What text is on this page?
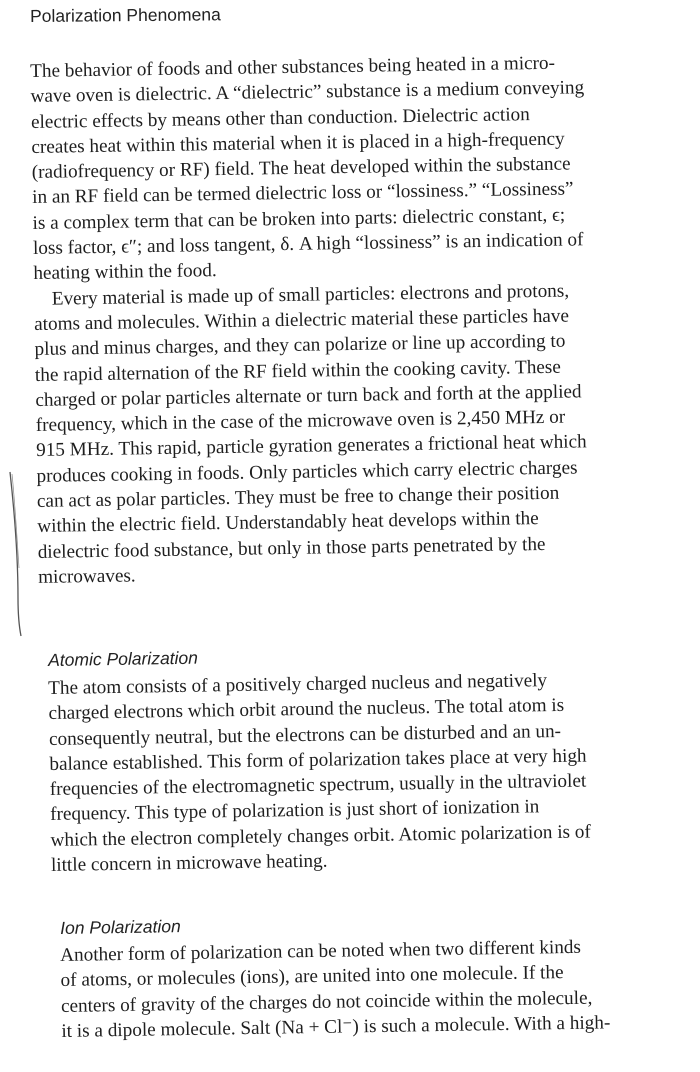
Polarization Phenomena
The behavior of foods and other substances being heated in a micro-
wave oven is dielectric. A “dielectric” substance is a medium conveying
electric effects by means other than conduction. Dielectric action
creates heat within this material when it is placed in a high-frequency
(radiofrequency or RF) field. The heat developed within the substance
in an RF field can be termed dielectric loss or “lossiness.” “Lossiness”
is a complex term that can be broken into parts: dielectric constant, ϵ;
loss factor, ϵ″; and loss tangent, δ. A high “lossiness” is an indication of
heating within the food.
Every material is made up of small particles: electrons and protons,
atoms and molecules. Within a dielectric material these particles have
plus and minus charges, and they can polarize or line up according to
the rapid alternation of the RF field within the cooking cavity. These
charged or polar particles alternate or turn back and forth at the applied
frequency, which in the case of the microwave oven is 2,450 MHz or
915 MHz. This rapid, particle gyration generates a frictional heat which
produces cooking in foods. Only particles which carry electric charges
can act as polar particles. They must be free to change their position
within the electric field. Understandably heat develops within the
dielectric food substance, but only in those parts penetrated by the
microwaves.
Atomic Polarization
The atom consists of a positively charged nucleus and negatively
charged electrons which orbit around the nucleus. The total atom is
consequently neutral, but the electrons can be disturbed and an un-
balance established. This form of polarization takes place at very high
frequencies of the electromagnetic spectrum, usually in the ultraviolet
frequency. This type of polarization is just short of ionization in
which the electron completely changes orbit. Atomic polarization is of
little concern in microwave heating.
Ion Polarization
Another form of polarization can be noted when two different kinds
of atoms, or molecules (ions), are united into one molecule. If the
centers of gravity of the charges do not coincide within the molecule,
it is a dipole molecule. Salt (Na + Cl⁻) is such a molecule. With a high-
